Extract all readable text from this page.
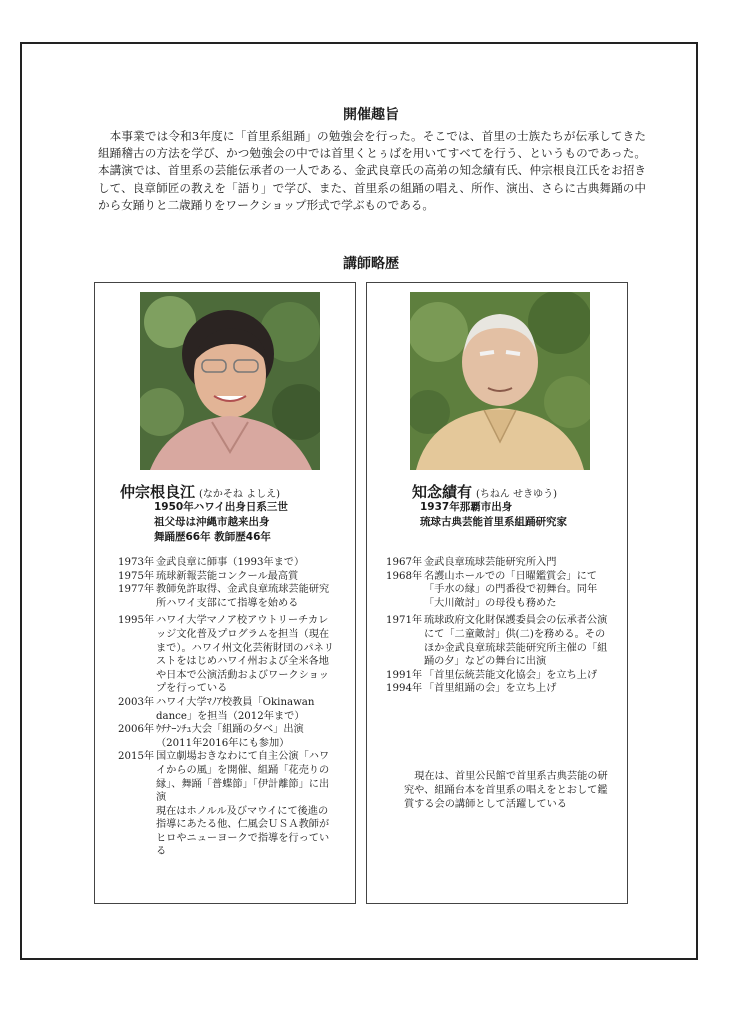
開催趣旨

本事業では令和3年度に「首里系組踊」の勉強会を行った。そこでは、首里の士族たちが伝承してきた組踊稽古の方法を学び、かつ勉強会の中では首里くとぅばを用いてすべてを行う、というものであった。本講演では、首里系の芸能伝承者の一人である、金武良章氏の高弟の知念績有氏、仲宗根良江氏をお招きして、良章師匠の教えを「語り」で学び、また、首里系の組踊の唱え、所作、演出、さらに古典舞踊の中から女踊りと二歳踊りをワークショップ形式で学ぶものである。

講師略歴
仲宗根良江 (なかそね よしえ)
1950年ハワイ出身日系三世
祖父母は沖縄市越来出身
舞踊歴66年 教師歴46年
1973年 金武良章に師事（1993年まで）
1975年 琉球新報芸能コンクール最高賞
1977年 教師免許取得、金武良章琉球芸能研究所ハワイ支部にて指導を始める
1995年 ハワイ大学マノア校アウトリーチカレッジ文化普及プログラムを担当（現在まで）。ハワイ州文化芸術財団のパネリストをはじめハワイ州および全米各地や日本で公演活動およびワークショップを行っている
2003年 ハワイ大学ﾏﾉｱ校教員「Okinawan dance」を担当（2012年まで）
2006年 ｳﾁﾅｰﾝﾁｭ大会「組踊の夕べ」出演（2011年2016年にも参加）
2015年 国立劇場おきなわにて自主公演「ハワイからの風」を開催、組踊「花売りの縁」、舞踊「普蝶節」「伊計離節」に出演
現在はホノルル及びマウイにて後進の指導にあたる他、仁風会ＵＳＡ教師がヒロやニューヨークで指導を行っている
知念績有 (ちねん せきゆう)
1937年那覇市出身
琉球古典芸能首里系組踊研究家
1967年 金武良章琉球芸能研究所入門
1968年 名護山ホールでの「日曜鑑賞会」にて「手水の縁」の門番役で初舞台。同年「大川敵討」の母役も務めた
1971年 琉球政府文化財保護委員会の伝承者公演にて「二童敵討」供(二)を務める。そのほか金武良章琉球芸能研究所主催の「組踊の夕」などの舞台に出演
1991年 「首里伝統芸能文化協会」を立ち上げ
1994年 「首里組踊の会」を立ち上げ

現在は、首里公民館で首里系古典芸能の研究や、組踊台本を首里系の唱えをとおして鑑賞する会の講師として活躍している
